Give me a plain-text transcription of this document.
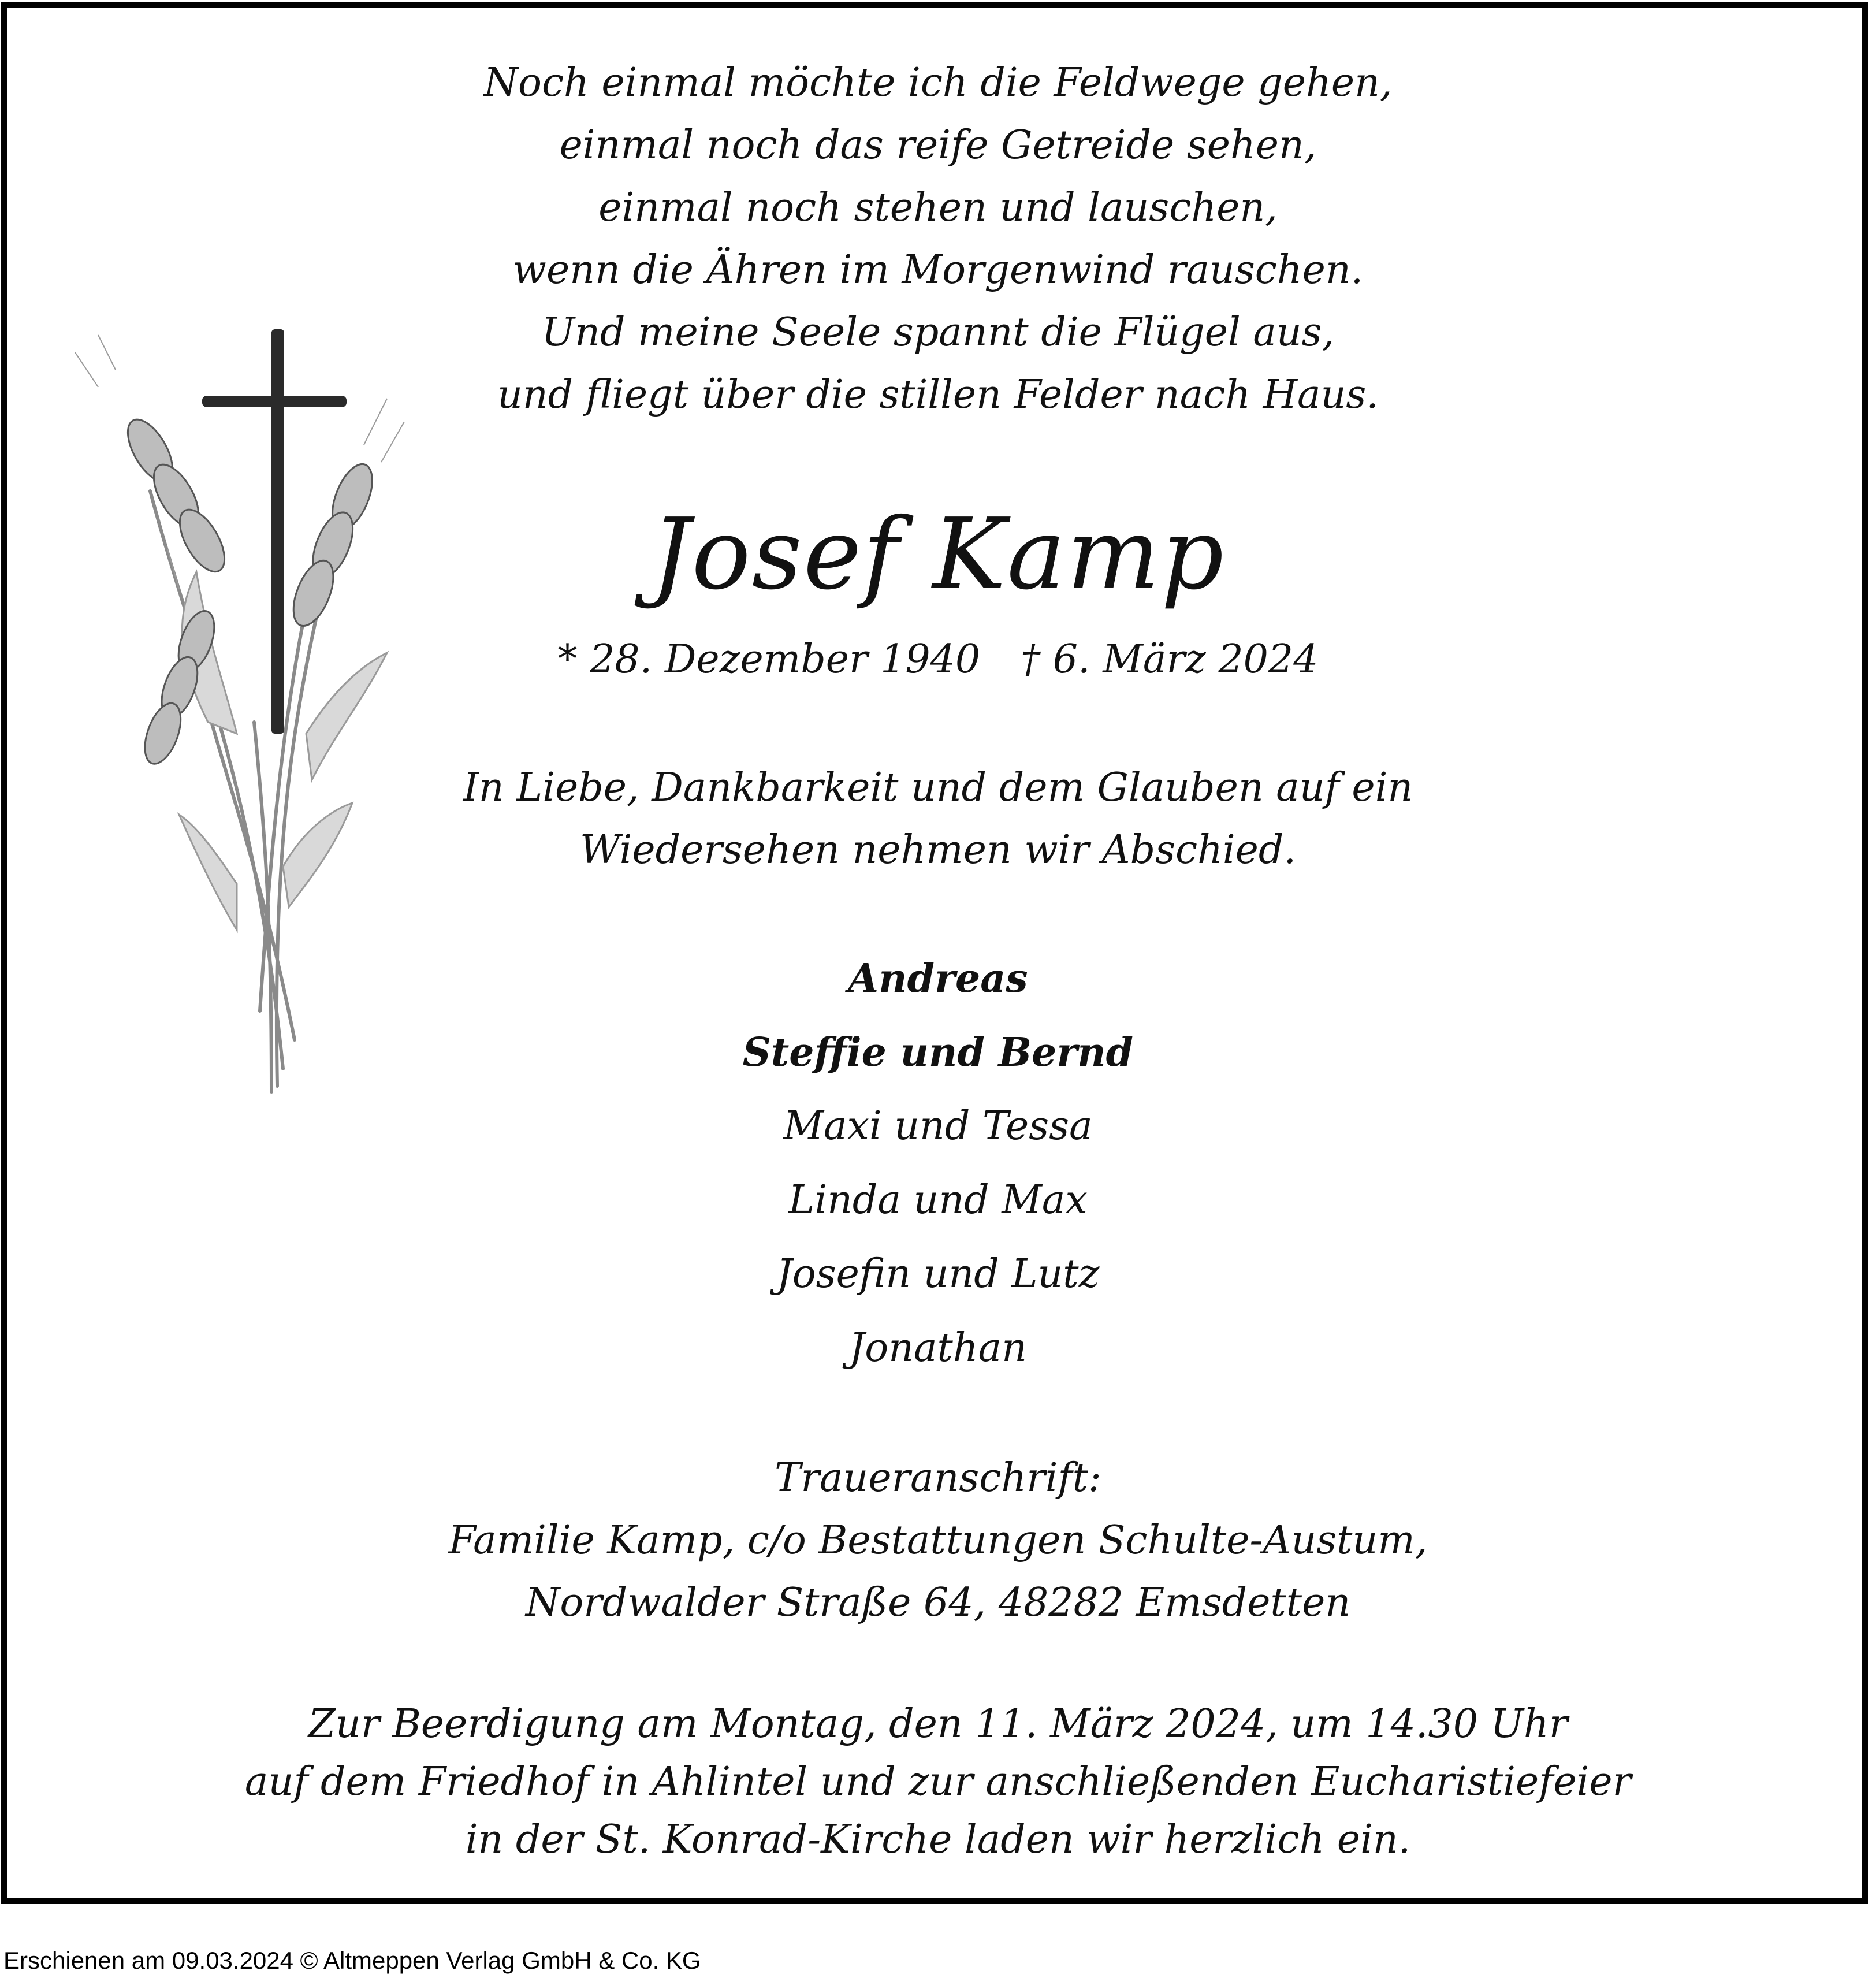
Noch einmal möchte ich die Feldwege gehen,
einmal noch das reife Getreide sehen,
einmal noch stehen und lauschen,
wenn die Ähren im Morgenwind rauschen.
Und meine Seele spannt die Flügel aus,
und fliegt über die stillen Felder nach Haus.
Josef Kamp
* 28. Dezember 1940 † 6. März 2024
In Liebe, Dankbarkeit und dem Glauben auf ein
Wiedersehen nehmen wir Abschied.
Andreas
Steffie und Bernd
Maxi und Tessa
Linda und Max
Josefin und Lutz
Jonathan
Traueranschrift:
Familie Kamp, c/o Bestattungen Schulte-Austum,
Nordwalder Straße 64, 48282 Emsdetten
Zur Beerdigung am Montag, den 11. März 2024, um 14.30 Uhr
auf dem Friedhof in Ahlintel und zur anschließenden Eucharistiefeier
in der St. Konrad-Kirche laden wir herzlich ein.

Erschienen am 09.03.2024 © Altmeppen Verlag GmbH & Co. KG
